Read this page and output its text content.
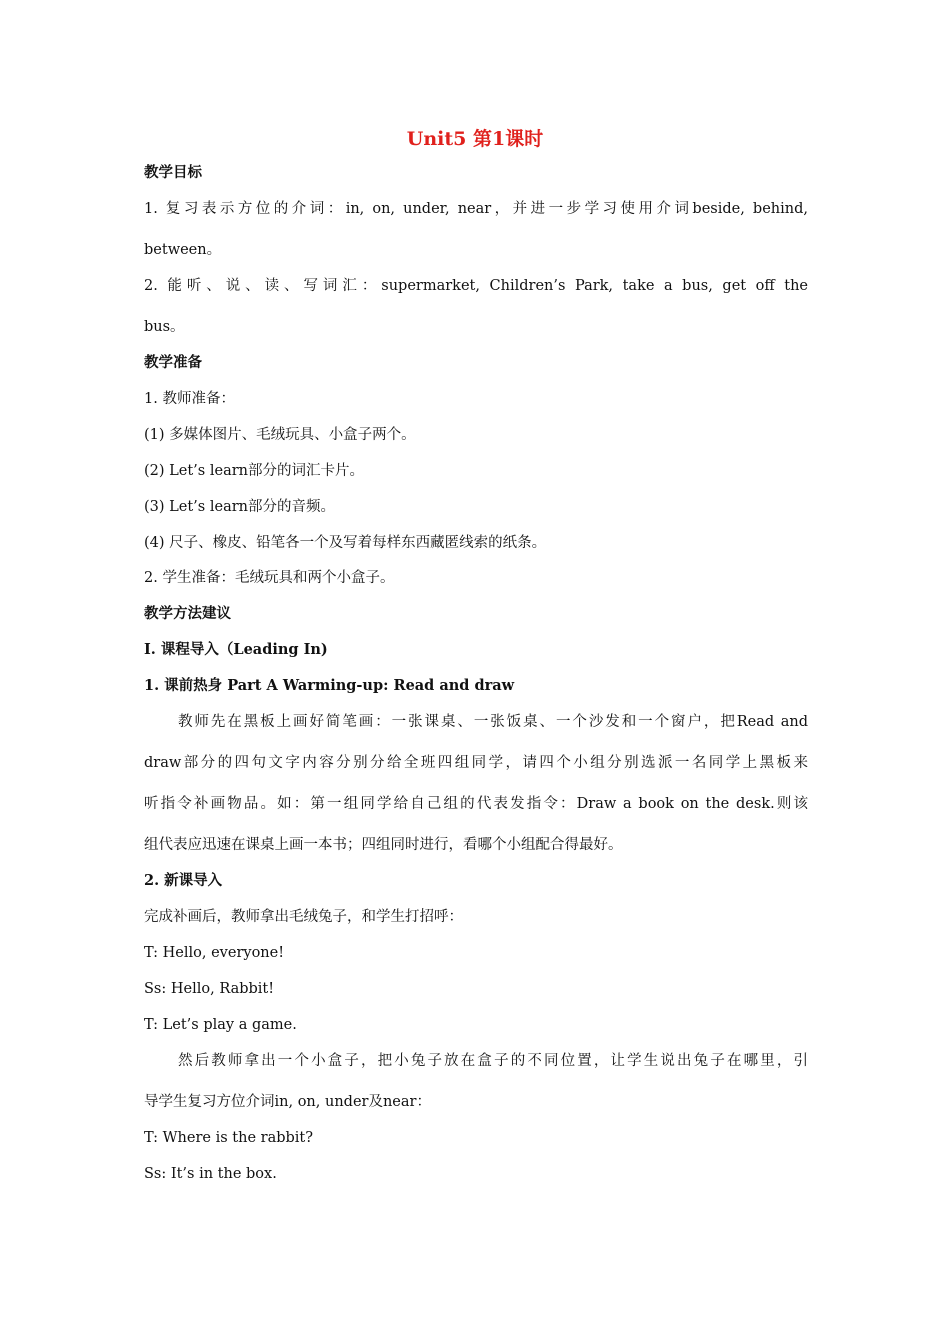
Unit5 第1课时
教学目标
1. 复习表示方位的介词：in, on, under, near，并进一步学习使用介词beside, behind,
between。
2. 能听、说、读、写词汇：supermarket, Children’s Park, take a bus, get off the
bus。
教学准备
1. 教师准备：
(1) 多媒体图片、毛绒玩具、小盒子两个。
(2) Let’s learn部分的词汇卡片。
(3) Let’s learn部分的音频。
(4) 尺子、橡皮、铅笔各一个及写着每样东西藏匿线索的纸条。
2. 学生准备：毛绒玩具和两个小盒子。
教学方法建议
I. 课程导入（Leading In)
1. 课前热身 Part A Warming-up: Read and draw
教师先在黑板上画好简笔画：一张课桌、一张饭桌、一个沙发和一个窗户，把Read and
draw部分的四句文字内容分别分给全班四组同学，请四个小组分别选派一名同学上黑板来
听指令补画物品。如：第一组同学给自己组的代表发指令：Draw a book on the desk.则该
组代表应迅速在课桌上画一本书；四组同时进行，看哪个小组配合得最好。
2. 新课导入
完成补画后，教师拿出毛绒兔子，和学生打招呼：
T: Hello, everyone!
Ss: Hello, Rabbit!
T: Let’s play a game.
然后教师拿出一个小盒子，把小兔子放在盒子的不同位置，让学生说出兔子在哪里，引
导学生复习方位介词in, on, under及near：
T: Where is the rabbit?
Ss: It’s in the box.
